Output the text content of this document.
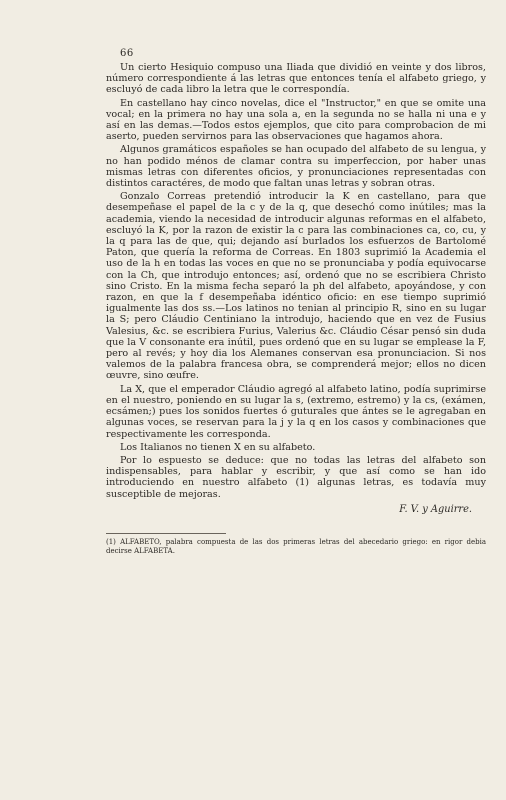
66

Un cierto Hesiquio compuso una Iliada que dividió en veinte y dos libros, número correspondiente á las letras que entonces tenía el alfabeto griego, y escluyó de cada libro la letra que le correspondía.

En castellano hay cinco novelas, dice el "Instructor," en que se omite una vocal; en la primera no hay una sola a, en la segunda no se halla ni una e y así en las demas.—Todos estos ejemplos, que cito para comprobacion de mi aserto, pueden servirnos para las observaciones que hagamos ahora.

Algunos gramáticos españoles se han ocupado del alfabeto de su lengua, y no han podido ménos de clamar contra su imperfeccion, por haber unas mismas letras con diferentes oficios, y pronunciaciones representadas con distintos caractéres, de modo que faltan unas letras y sobran otras.

Gonzalo Correas pretendió introducir la K en castellano, para que desempeñase el papel de la c y de la q, que desechó como inútiles; mas la academia, viendo la necesidad de introducir algunas reformas en el alfabeto, escluyó la K, por la razon de existir la c para las combinaciones ca, co, cu, y la q para las de que, qui; dejando así burlados los esfuerzos de Bartolomé Paton, que quería la reforma de Correas. En 1803 suprimió la Academia el uso de la h en todas las voces en que no se pronunciaba y podía equivocarse con la Ch, que introdujo entonces; así, ordenó que no se escribiera Christo sino Cristo. En la misma fecha separó la ph del alfabeto, apoyándose, y con razon, en que la f desempeñaba idéntico oficio: en ese tiempo suprimió igualmente las dos ss.—Los latinos no tenian al principio R, sino en su lugar la S; pero Cláudio Centiniano la introdujo, haciendo que en vez de Fusius Valesius, &c. se escribiera Furius, Valerius &c. Cláudio César pensó sin duda que la V consonante era inútil, pues ordenó que en su lugar se emplease la F, pero al revés; y hoy dia los Alemanes conservan esa pronunciacion. Si nos valemos de la palabra francesa obra, se comprenderá mejor; ellos no dicen œuvre, sino œufre.

La X, que el emperador Cláudio agregó al alfabeto latino, podía suprimirse en el nuestro, poniendo en su lugar la s, (extremo, estremo) y la cs, (exámen, ecsámen;) pues los sonidos fuertes ó guturales que ántes se le agregaban en algunas voces, se reservan para la j y la q en los casos y combinaciones que respectivamente les corresponda.

Los Italianos no tienen X en su alfabeto.

Por lo espuesto se deduce: que no todas las letras del alfabeto son indispensables, para hablar y escribir, y que así como se han ido introduciendo en nuestro alfabeto (1) algunas letras, es todavía muy susceptible de mejoras.

F. V. y Aguirre.
(1) ALFABETO, palabra compuesta de las dos primeras letras del abecedario griego: en rigor debia decirse ALFABETA.
